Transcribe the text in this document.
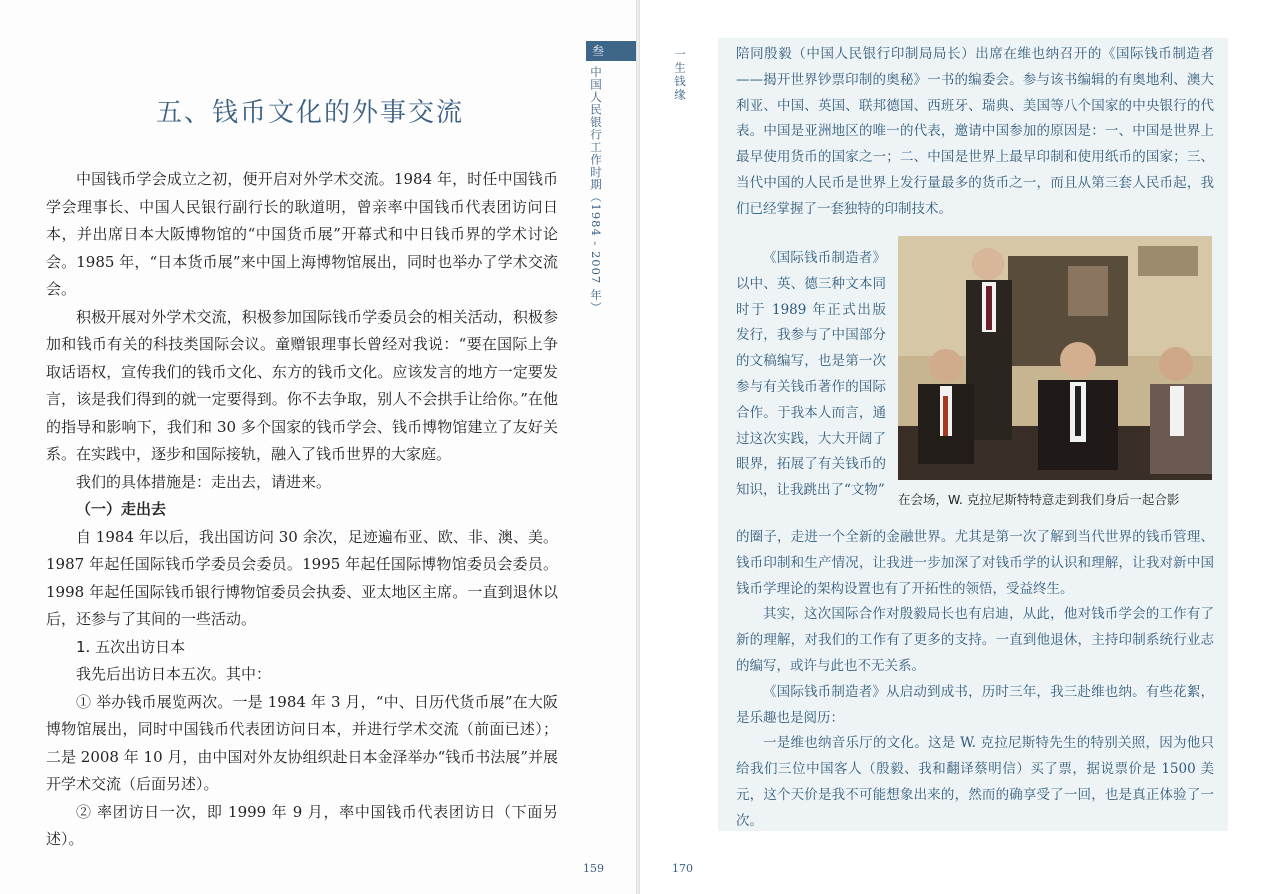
五、钱币文化的外事交流

中国钱币学会成立之初，便开启对外学术交流。1984 年，时任中国钱币学会理事长、中国人民银行副行长的耿道明，曾亲率中国钱币代表团访问日本，并出席日本大阪博物馆的“中国货币展”开幕式和中日钱币界的学术讨论会。1985 年，“日本货币展”来中国上海博物馆展出，同时也举办了学术交流会。

积极开展对外学术交流，积极参加国际钱币学委员会的相关活动，积极参加和钱币有关的科技类国际会议。童赠银理事长曾经对我说：“要在国际上争取话语权，宣传我们的钱币文化、东方的钱币文化。应该发言的地方一定要发言，该是我们得到的就一定要得到。你不去争取，别人不会拱手让给你。”在他的指导和影响下，我们和 30 多个国家的钱币学会、钱币博物馆建立了友好关系。在实践中，逐步和国际接轨，融入了钱币世界的大家庭。

我们的具体措施是：走出去，请进来。

（一）走出去

自 1984 年以后，我出国访问 30 余次，足迹遍布亚、欧、非、澳、美。1987 年起任国际钱币学委员会委员。1995 年起任国际博物馆委员会委员。1998 年起任国际钱币银行博物馆委员会执委、亚太地区主席。一直到退休以后，还参与了其间的一些活动。

1. 五次出访日本

我先后出访日本五次。其中：

① 举办钱币展览两次。一是 1984 年 3 月，“中、日历代货币展”在大阪博物馆展出，同时中国钱币代表团访问日本，并进行学术交流（前面已述）；二是 2008 年 10 月，由中国对外友协组织赴日本金泽举办“钱币书法展”并展开学术交流（后面另述）。

② 率团访日一次，即 1999 年 9 月，率中国钱币代表团访日（下面另述）。

159
叁
中国人民银行工作时期（1984 - 2007 年）	一生钱缘	陪同殷毅（中国人民银行印制局局长）出席在维也纳召开的《国际钱币制造者——揭开世界钞票印制的奥秘》一书的编委会。参与该书编辑的有奥地利、澳大利亚、中国、英国、联邦德国、西班牙、瑞典、美国等八个国家的中央银行的代表。中国是亚洲地区的唯一的代表，邀请中国参加的原因是：一、中国是世界上最早使用货币的国家之一；二、中国是世界上最早印制和使用纸币的国家；三、当代中国的人民币是世界上发行量最多的货币之一，而且从第三套人民币起，我们已经掌握了一套独特的印制技术。

《国际钱币制造者》以中、英、德三种文本同时于 1989 年正式出版发行，我参与了中国部分的文稿编写，也是第一次参与有关钱币著作的国际合作。于我本人而言，通过这次实践，大大开阔了眼界，拓展了有关钱币的知识，让我跳出了“文物”

在会场，W. 克拉尼斯特特意走到我们身后一起合影

的圈子，走进一个全新的金融世界。尤其是第一次了解到当代世界的钱币管理、钱币印制和生产情况，让我进一步加深了对钱币学的认识和理解，让我对新中国钱币学理论的架构设置也有了开拓性的领悟，受益终生。

其实，这次国际合作对殷毅局长也有启迪，从此，他对钱币学会的工作有了新的理解，对我们的工作有了更多的支持。一直到他退休，主持印制系统行业志的编写，或许与此也不无关系。

《国际钱币制造者》从启动到成书，历时三年，我三赴维也纳。有些花絮，是乐趣也是阅历：

一是维也纳音乐厅的文化。这是 W. 克拉尼斯特先生的特别关照，因为他只给我们三位中国客人（殷毅、我和翻译蔡明信）买了票，据说票价是 1500 美元，这个天价是我不可能想象出来的，然而的确享受了一回，也是真正体验了一次。

170
